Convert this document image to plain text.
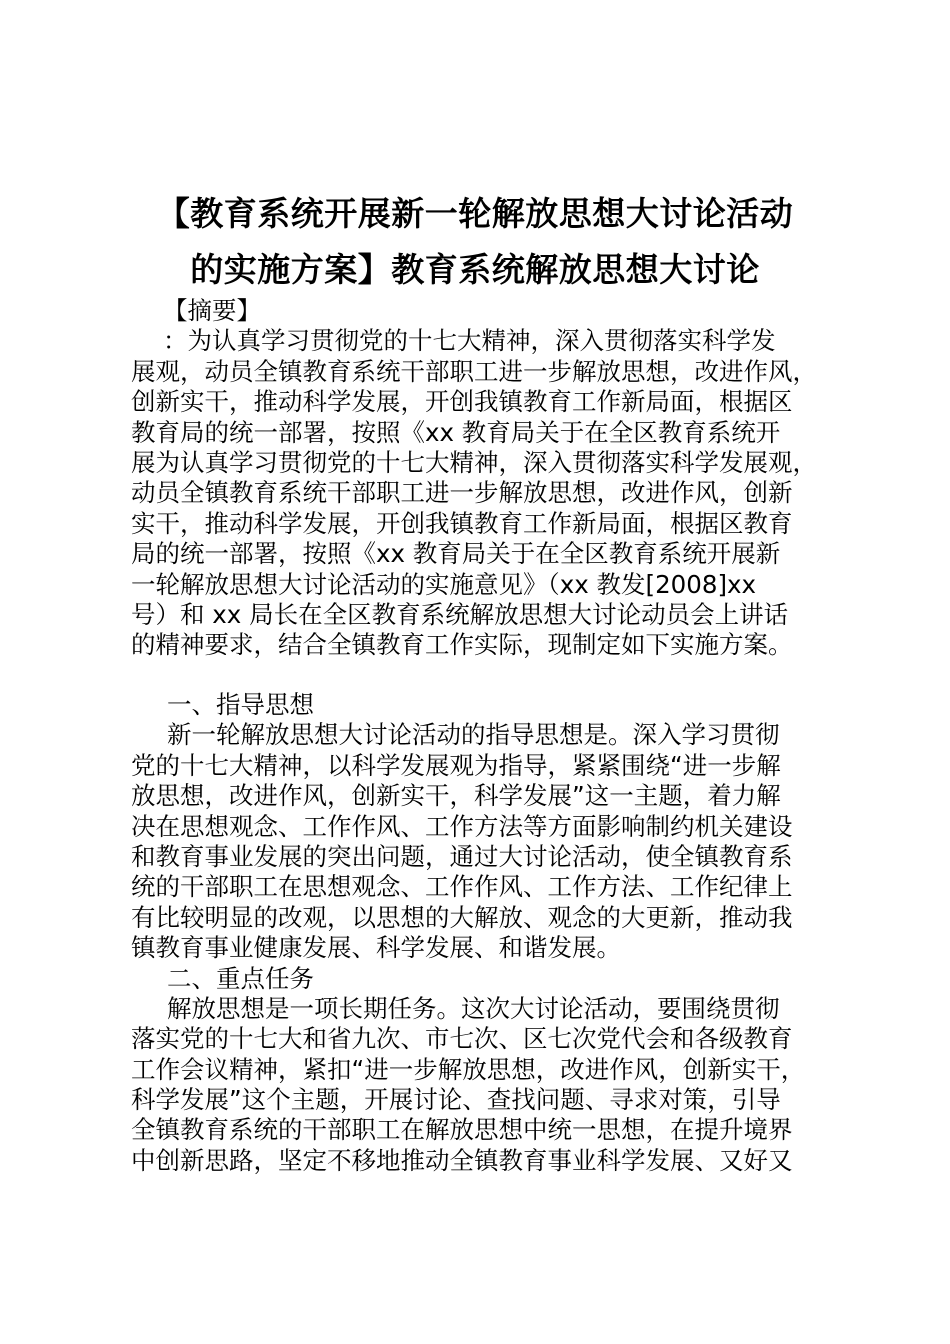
【教育系统开展新一轮解放思想大讨论活动
的实施方案】教育系统解放思想大讨论
【摘要】
：为认真学习贯彻党的十七大精神，深入贯彻落实科学发
展观，动员全镇教育系统干部职工进一步解放思想，改进作风，
创新实干，推动科学发展，开创我镇教育工作新局面，根据区
教育局的统一部署，按照《xx 教育局关于在全区教育系统开
展为认真学习贯彻党的十七大精神，深入贯彻落实科学发展观，
动员全镇教育系统干部职工进一步解放思想，改进作风，创新
实干，推动科学发展，开创我镇教育工作新局面，根据区教育
局的统一部署，按照《xx 教育局关于在全区教育系统开展新
一轮解放思想大讨论活动的实施意见》（xx 教发[2008]xx
号）和 xx 局长在全区教育系统解放思想大讨论动员会上讲话
的精神要求，结合全镇教育工作实际，现制定如下实施方案。
一、指导思想
新一轮解放思想大讨论活动的指导思想是。深入学习贯彻
党的十七大精神，以科学发展观为指导，紧紧围绕“进一步解
放思想，改进作风，创新实干，科学发展”这一主题，着力解
决在思想观念、工作作风、工作方法等方面影响制约机关建设
和教育事业发展的突出问题，通过大讨论活动，使全镇教育系
统的干部职工在思想观念、工作作风、工作方法、工作纪律上
有比较明显的改观，以思想的大解放、观念的大更新，推动我
镇教育事业健康发展、科学发展、和谐发展。
二、重点任务
解放思想是一项长期任务。这次大讨论活动，要围绕贯彻
落实党的十七大和省九次、市七次、区七次党代会和各级教育
工作会议精神，紧扣“进一步解放思想，改进作风，创新实干，
科学发展”这个主题，开展讨论、查找问题、寻求对策，引导
全镇教育系统的干部职工在解放思想中统一思想，在提升境界
中创新思路，坚定不移地推动全镇教育事业科学发展、又好又
